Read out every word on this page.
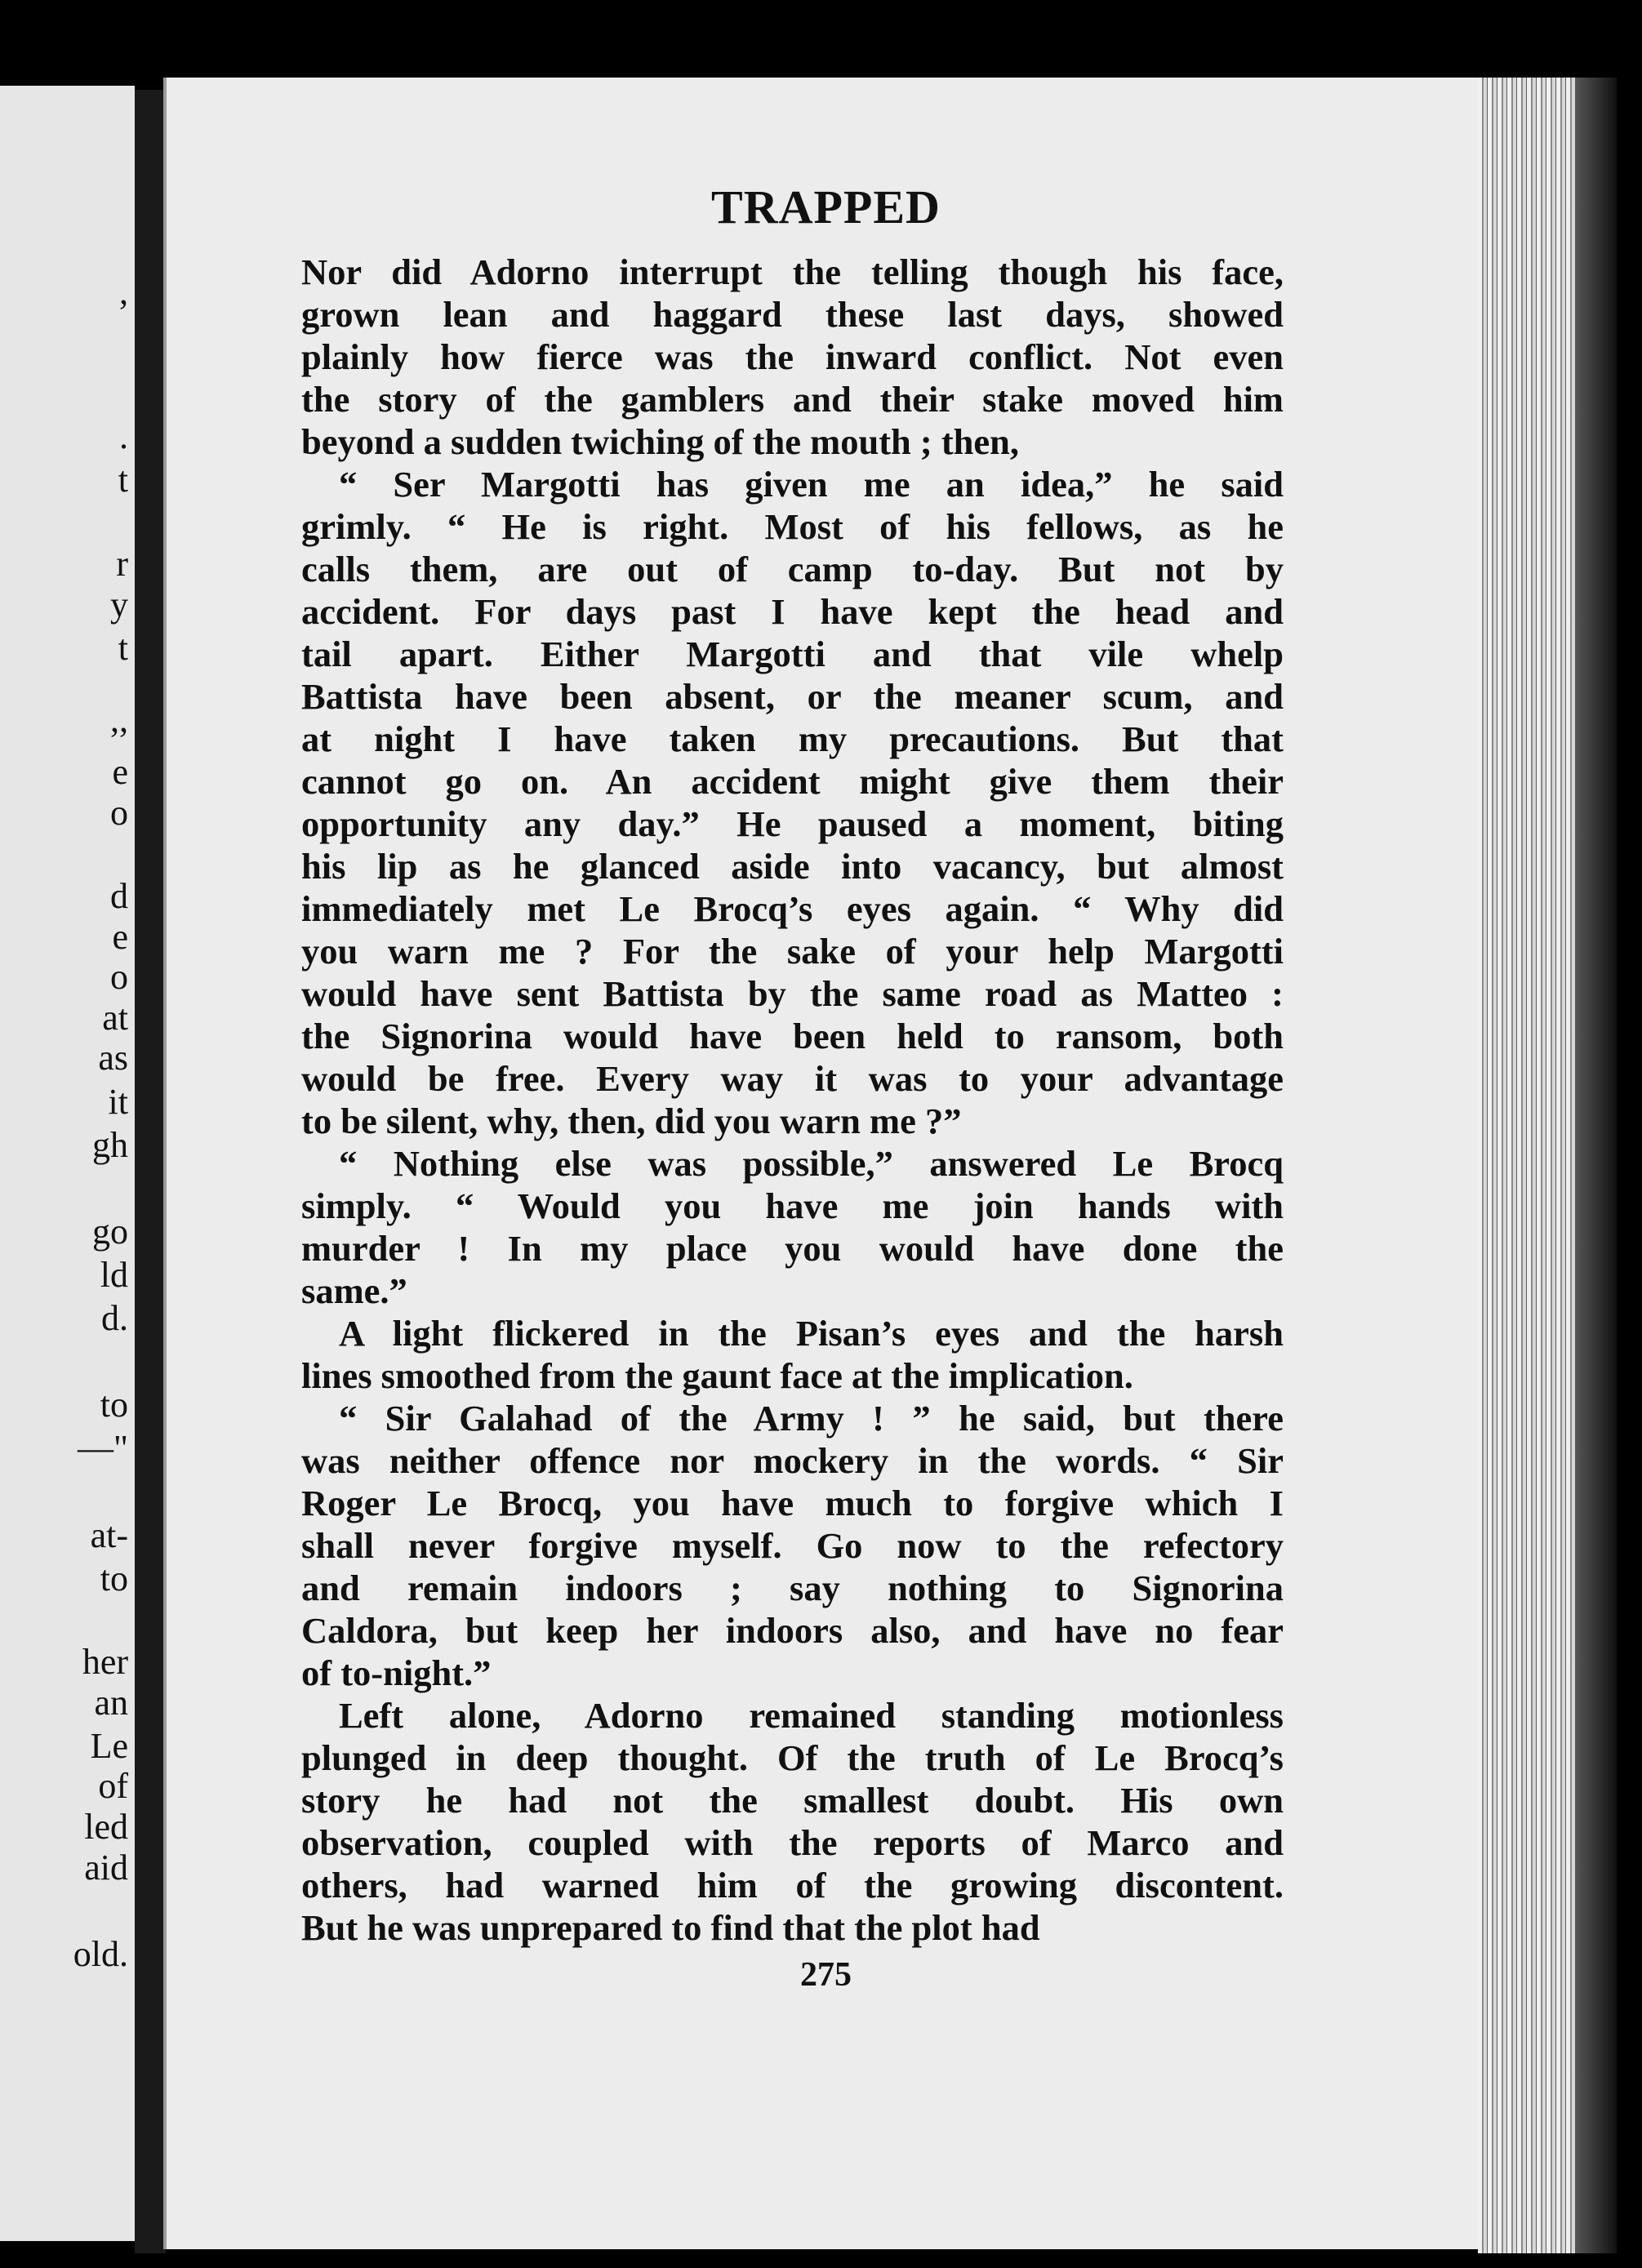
,
.
t
r
y
t
,,
e
o
d
e
o
at
as
it
gh
go
ld
d.
to
—"
at-
to
her
an
Le
of
led
aid
old.
TRAPPED
Nor did Adorno interrupt the telling though his face,
grown lean and haggard these last days, showed
plainly how fierce was the inward conflict. Not even
the story of the gamblers and their stake moved him
beyond a sudden twiching of the mouth ; then,
“ Ser Margotti has given me an idea,” he said
grimly. “ He is right. Most of his fellows, as he
calls them, are out of camp to-day. But not by
accident. For days past I have kept the head and
tail apart. Either Margotti and that vile whelp
Battista have been absent, or the meaner scum, and
at night I have taken my precautions. But that
cannot go on. An accident might give them their
opportunity any day.” He paused a moment, biting
his lip as he glanced aside into vacancy, but almost
immediately met Le Brocq’s eyes again. “ Why did
you warn me ? For the sake of your help Margotti
would have sent Battista by the same road as Matteo :
the Signorina would have been held to ransom, both
would be free. Every way it was to your advantage
to be silent, why, then, did you warn me ?”
“ Nothing else was possible,” answered Le Brocq
simply. “ Would you have me join hands with
murder ! In my place you would have done the
same.”
A light flickered in the Pisan’s eyes and the harsh
lines smoothed from the gaunt face at the implication.
“ Sir Galahad of the Army ! ” he said, but there
was neither offence nor mockery in the words. “ Sir
Roger Le Brocq, you have much to forgive which I
shall never forgive myself. Go now to the refectory
and remain indoors ; say nothing to Signorina
Caldora, but keep her indoors also, and have no fear
of to-night.”
Left alone, Adorno remained standing motionless
plunged in deep thought. Of the truth of Le Brocq’s
story he had not the smallest doubt. His own
observation, coupled with the reports of Marco and
others, had warned him of the growing discontent.
But he was unprepared to find that the plot had
275
